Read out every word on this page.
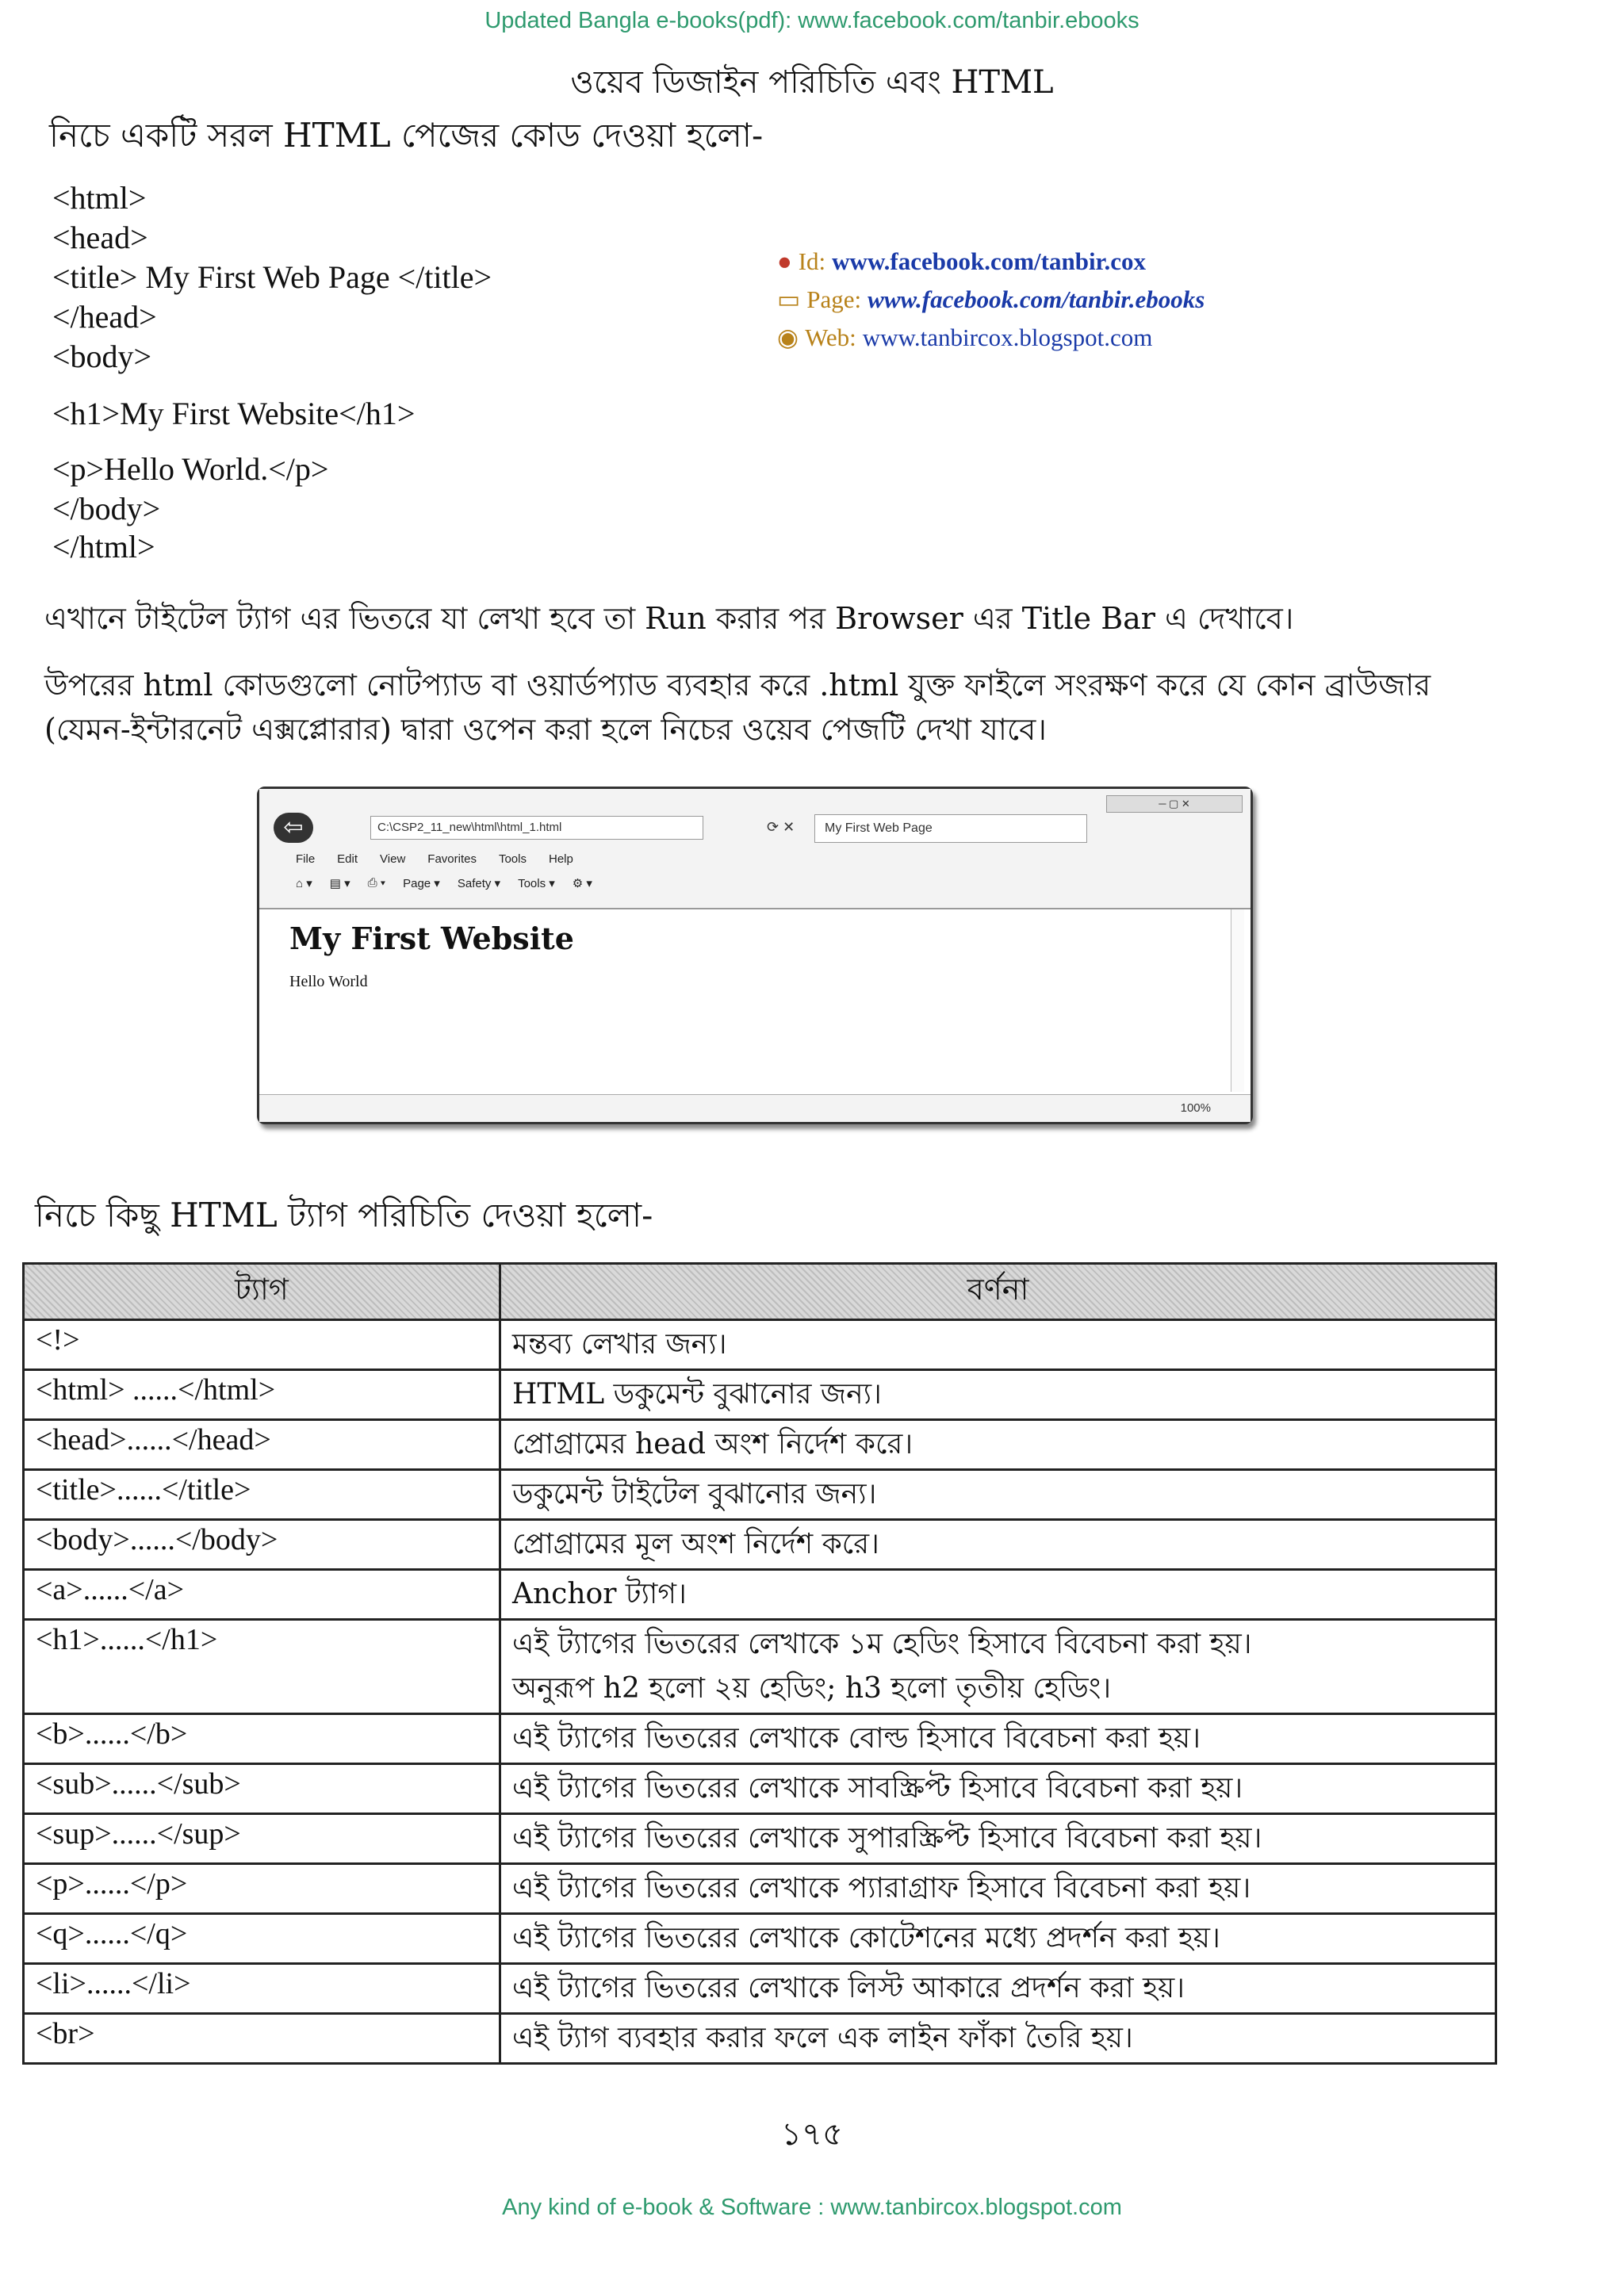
Updated Bangla e-books(pdf): www.facebook.com/tanbir.ebooks
ওয়েব ডিজাইন পরিচিতি এবং HTML
নিচে একটি সরল HTML পেজের কোড দেওয়া হলো-
<html>
<head>
<title> My First Web Page </title>
</head>
<body>
<h1>My First Website</h1>
<p>Hello World.</p>
</body>
</html>
● Id: www.facebook.com/tanbir.cox
▭ Page: www.facebook.com/tanbir.ebooks
◉ Web: www.tanbircox.blogspot.com
এখানে টাইটেল ট্যাগ এর ভিতরে যা লেখা হবে তা Run করার পর Browser এর Title Bar এ দেখাবে।
উপরের html কোডগুলো নোটপ্যাড বা ওয়ার্ডপ্যাড ব্যবহার করে .html যুক্ত ফাইলে সংরক্ষণ করে যে কোন ব্রাউজার (যেমন-ইন্টারনেট এক্সপ্লোরার) দ্বারা ওপেন করা হলে নিচের ওয়েব পেজটি দেখা যাবে।
⇦	C:\CSP2_11_new\html\html_1.html	⟳ ✕	My First Web Page
─ ▢ ✕
File Edit View Favorites Tools Help
⌂ ▾ ▤ ▾ ⎙ ▾ Page ▾ Safety ▾ Tools ▾ ⚙ ▾
My First Website
Hello World
100%
নিচে কিছু HTML ট্যাগ পরিচিতি দেওয়া হলো-
ট্যাগ	বর্ণনা
<!>	মন্তব্য লেখার জন্য।
<html> ......</html>	HTML ডকুমেন্ট বুঝানোর জন্য।
<head>......</head>	প্রোগ্রামের head অংশ নির্দেশ করে।
<title>......</title>	ডকুমেন্ট টাইটেল বুঝানোর জন্য।
<body>......</body>	প্রোগ্রামের মূল অংশ নির্দেশ করে।
<a>......</a>	Anchor ট্যাগ।
<h1>......</h1>	এই ট্যাগের ভিতরের লেখাকে ১ম হেডিং হিসাবে বিবেচনা করা হয়।
অনুরূপ h2 হলো ২য় হেডিং; h3 হলো তৃতীয় হেডিং।

<b>......</b>	এই ট্যাগের ভিতরের লেখাকে বোল্ড হিসাবে বিবেচনা করা হয়।
<sub>......</sub>	এই ট্যাগের ভিতরের লেখাকে সাবস্ক্রিপ্ট হিসাবে বিবেচনা করা হয়।
<sup>......</sup>	এই ট্যাগের ভিতরের লেখাকে সুপারস্ক্রিপ্ট হিসাবে বিবেচনা করা হয়।
<p>......</p>	এই ট্যাগের ভিতরের লেখাকে প্যারাগ্রাফ হিসাবে বিবেচনা করা হয়।
<q>......</q>	এই ট্যাগের ভিতরের লেখাকে কোটেশনের মধ্যে প্রদর্শন করা হয়।
<li>......</li>	এই ট্যাগের ভিতরের লেখাকে লিস্ট আকারে প্রদর্শন করা হয়।
<br>	এই ট্যাগ ব্যবহার করার ফলে এক লাইন ফাঁকা তৈরি হয়।
১৭৫
Any kind of e-book & Software : www.tanbircox.blogspot.com
